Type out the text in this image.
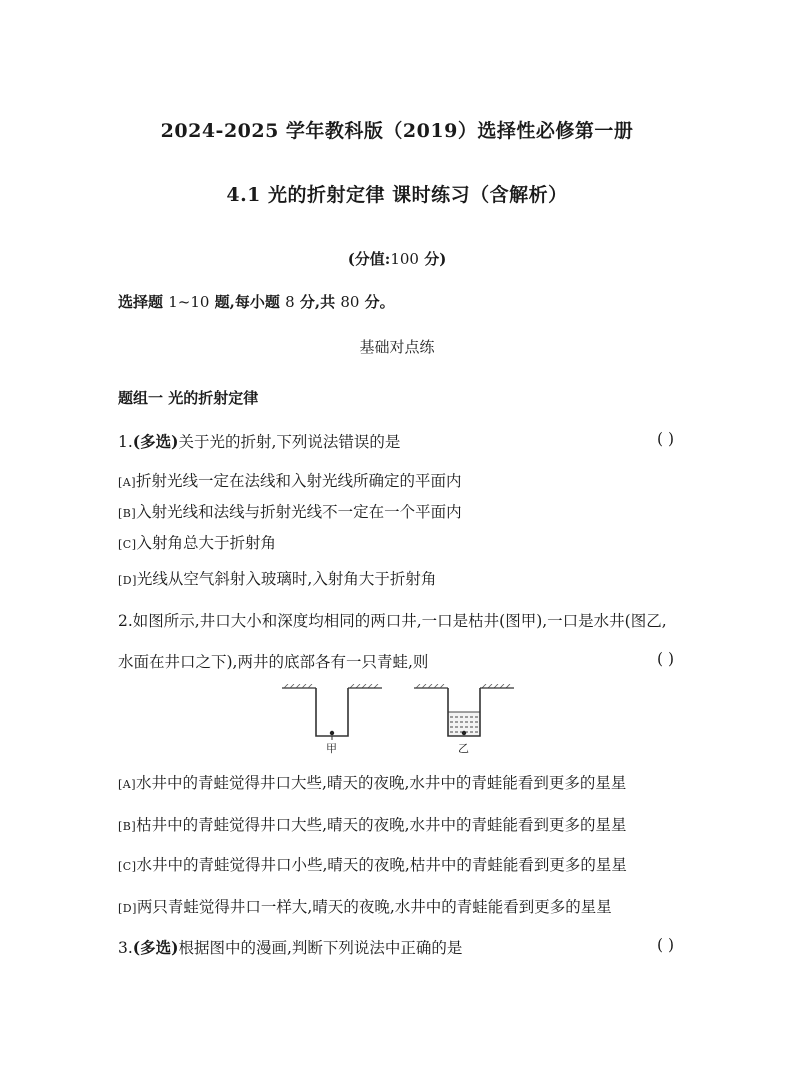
2024-2025 学年教科版（2019）选择性必修第一册
4.1 光的折射定律 课时练习（含解析）
(分值:100 分)
选择题 1~10 题,每小题 8 分,共 80 分。
基础对点练
题组一 光的折射定律
1.(多选)关于光的折射,下列说法错误的是	( )
[A]折射光线一定在法线和入射光线所确定的平面内
[B]入射光线和法线与折射光线不一定在一个平面内
[C]入射角总大于折射角
[D]光线从空气斜射入玻璃时,入射角大于折射角
2.如图所示,井口大小和深度均相同的两口井,一口是枯井(图甲),一口是水井(图乙,
水面在井口之下),两井的底部各有一只青蛙,则	( )
甲	乙
[A]水井中的青蛙觉得井口大些,晴天的夜晚,水井中的青蛙能看到更多的星星
[B]枯井中的青蛙觉得井口大些,晴天的夜晚,水井中的青蛙能看到更多的星星
[C]水井中的青蛙觉得井口小些,晴天的夜晚,枯井中的青蛙能看到更多的星星
[D]两只青蛙觉得井口一样大,晴天的夜晚,水井中的青蛙能看到更多的星星
3.(多选)根据图中的漫画,判断下列说法中正确的是	( )
